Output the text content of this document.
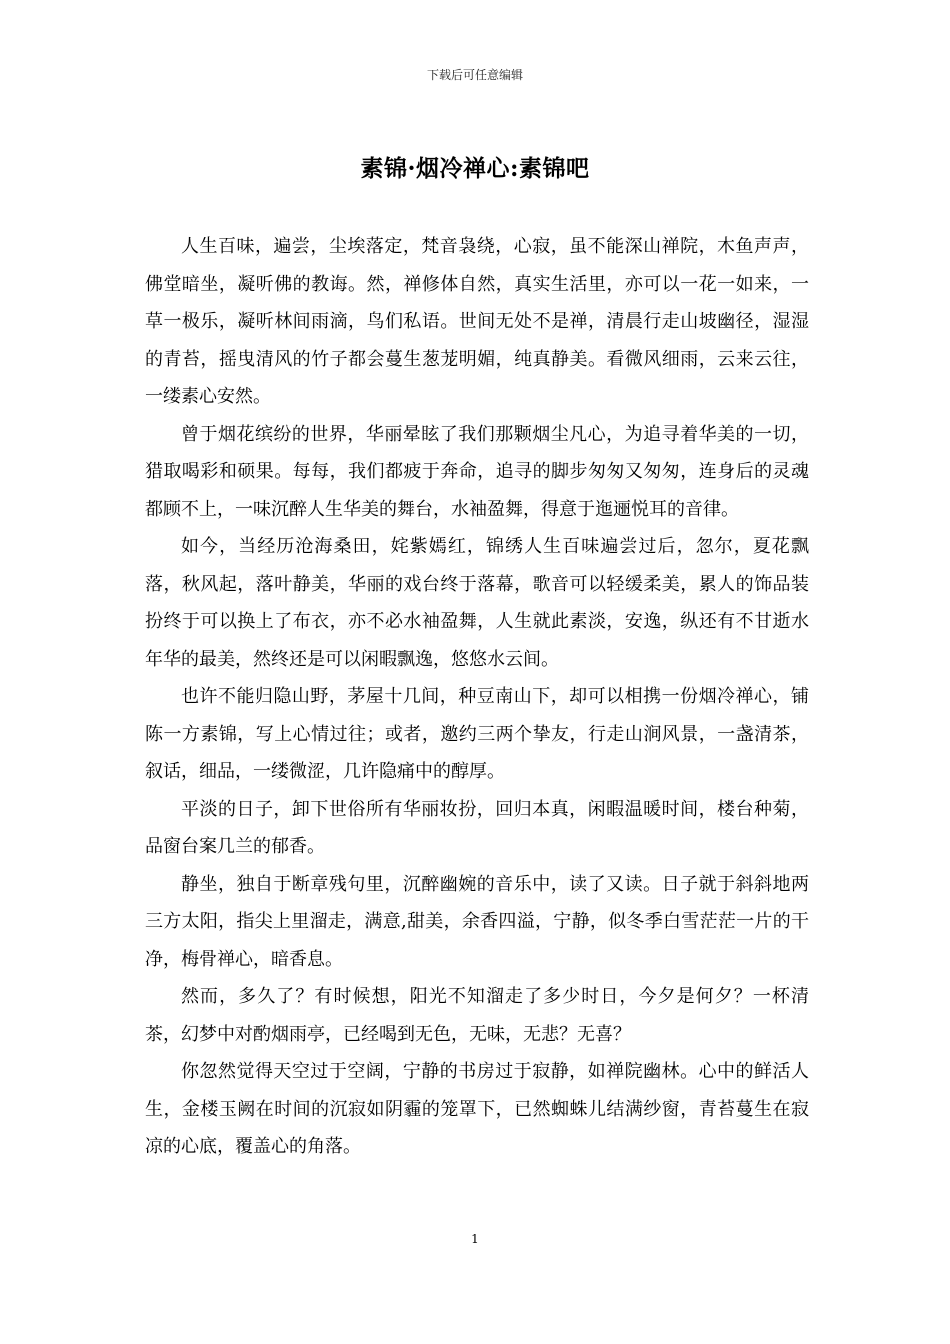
下载后可任意编辑
素锦·烟冷禅心:素锦吧

人生百味，遍尝，尘埃落定，梵音袅绕，心寂，虽不能深山禅院，木鱼声声，佛堂暗坐，凝听佛的教诲。然，禅修体自然，真实生活里，亦可以一花一如来，一草一极乐，凝听林间雨滴，鸟们私语。世间无处不是禅，清晨行走山坡幽径，湿湿的青苔，摇曳清风的竹子都会蔓生葱茏明媚，纯真静美。看微风细雨，云来云往，一缕素心安然。

曾于烟花缤纷的世界，华丽晕眩了我们那颗烟尘凡心，为追寻着华美的一切，猎取喝彩和硕果。每每，我们都疲于奔命，追寻的脚步匆匆又匆匆，连身后的灵魂都顾不上，一味沉醉人生华美的舞台，水袖盈舞，得意于迤逦悦耳的音律。

如今，当经历沧海桑田，姹紫嫣红，锦绣人生百味遍尝过后，忽尔，夏花飘落，秋风起，落叶静美，华丽的戏台终于落幕，歌音可以轻缓柔美，累人的饰品装扮终于可以换上了布衣，亦不必水袖盈舞，人生就此素淡，安逸，纵还有不甘逝水年华的最美，然终还是可以闲暇飘逸，悠悠水云间。

也许不能归隐山野，茅屋十几间，种豆南山下，却可以相携一份烟冷禅心，铺陈一方素锦，写上心情过往；或者，邀约三两个挚友，行走山涧风景，一盏清茶，叙话，细品，一缕微涩，几许隐痛中的醇厚。

平淡的日子，卸下世俗所有华丽妆扮，回归本真，闲暇温暖时间，楼台种菊，品窗台案几兰的郁香。

静坐，独自于断章残句里，沉醉幽婉的音乐中，读了又读。日子就于斜斜地两三方太阳，指尖上里溜走，满意,甜美，余香四溢，宁静，似冬季白雪茫茫一片的干净，梅骨禅心，暗香息。

然而，多久了？有时候想，阳光不知溜走了多少时日，今夕是何夕？一杯清茶，幻梦中对酌烟雨亭，已经喝到无色，无味，无悲？无喜？

你忽然觉得天空过于空阔，宁静的书房过于寂静，如禅院幽林。心中的鲜活人生，金楼玉阙在时间的沉寂如阴霾的笼罩下，已然蜘蛛儿结满纱窗，青苔蔓生在寂凉的心底，覆盖心的角落。

1
